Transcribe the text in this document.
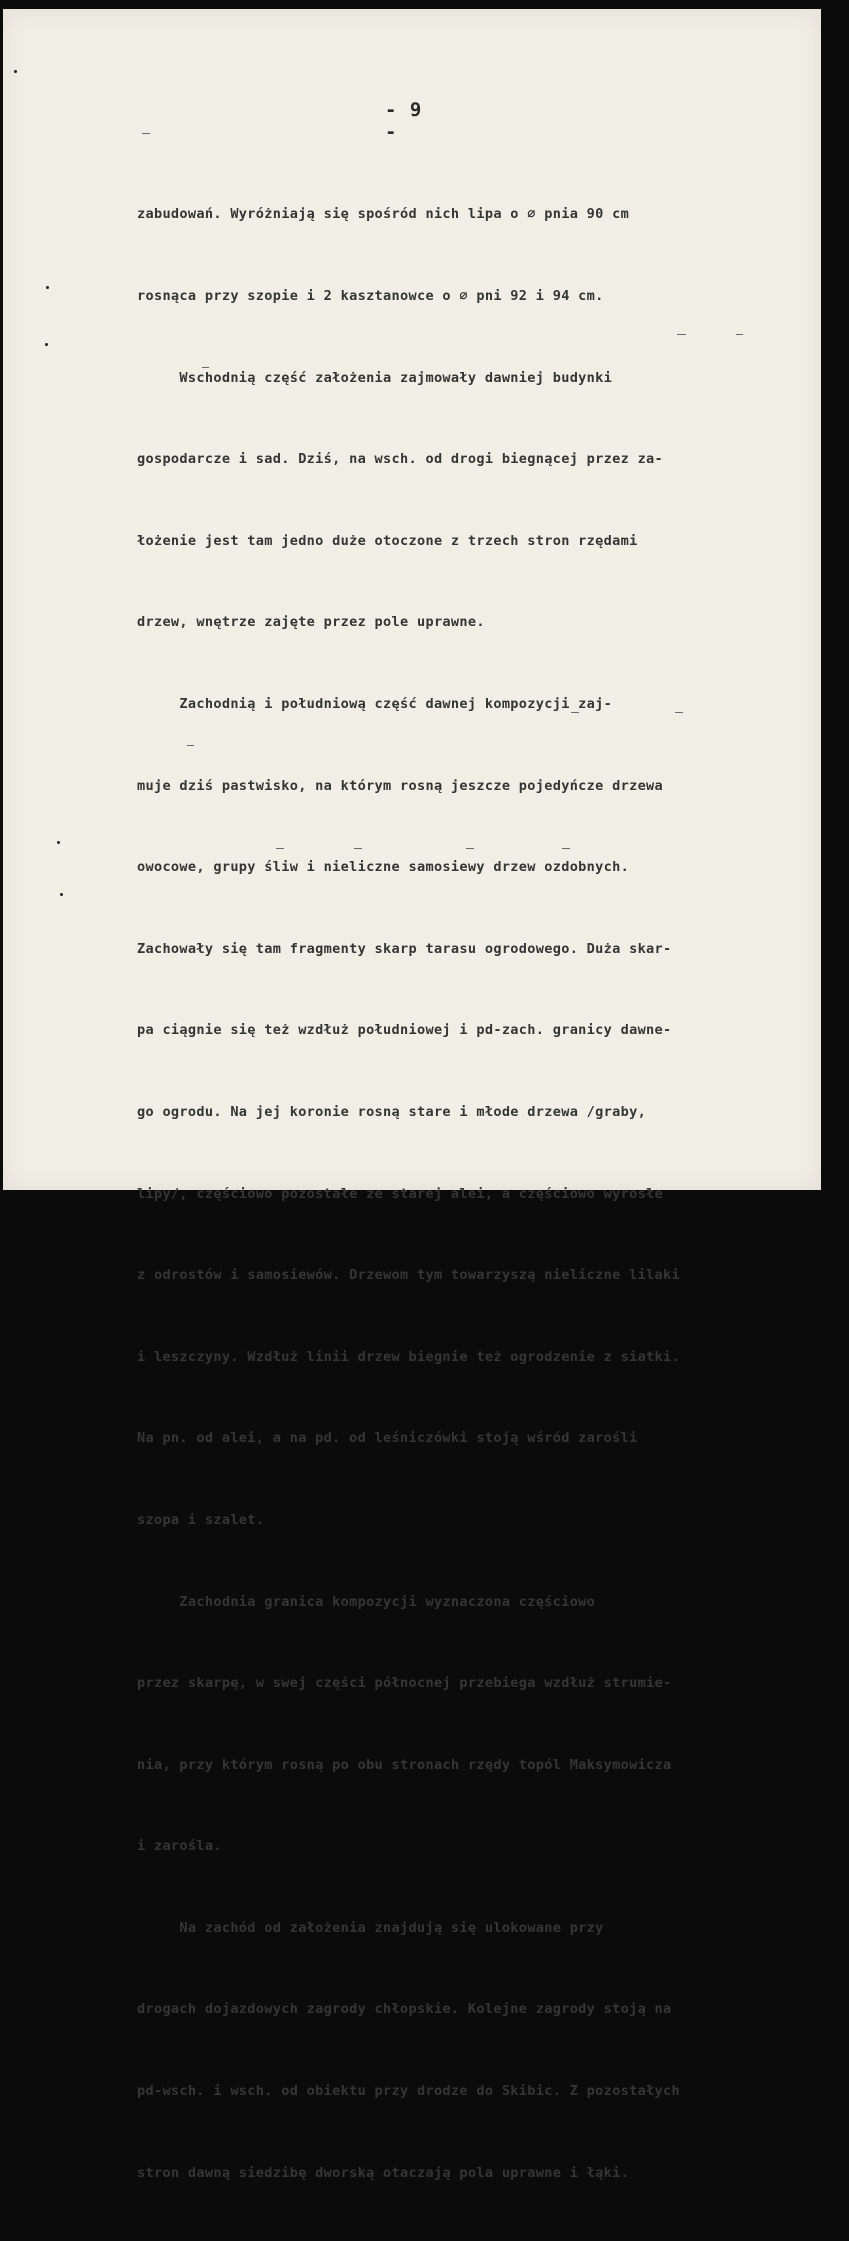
- 9 -

zabudowań. Wyróżniają się spośród nich lipa o ∅ pnia 90 cm

rosnąca przy szopie i 2 kasztanowce o ∅ pni 92 i 94 cm.

Wschodnią część założenia zajmowały dawniej budynki

gospodarcze i sad. Dziś, na wsch. od drogi biegnącej przez za-

łożenie jest tam jedno duże otoczone z trzech stron rzędami

drzew, wnętrze zajęte przez pole uprawne.

Zachodnią i południową część dawnej kompozycji zaj-

muje dziś pastwisko, na którym rosną jeszcze pojedyńcze drzewa

owocowe, grupy śliw i nieliczne samosiewy drzew ozdobnych.

Zachowały się tam fragmenty skarp tarasu ogrodowego. Duża skar-

pa ciągnie się też wzdłuż południowej i pd-zach. granicy dawne-

go ogrodu. Na jej koronie rosną stare i młode drzewa /graby,

lipy/, częściowo pozostałe ze starej alei, a częściowo wyrosłe

z odrostów i samosiewów. Drzewom tym towarzyszą nieliczne lilaki

i leszczyny. Wzdłuż linii drzew biegnie też ogrodzenie z siatki.

Na pn. od alei, a na pd. od leśniczówki stoją wśród zarośli

szopa i szalet.

Zachodnia granica kompozycji wyznaczona częściowo

przez skarpę, w swej części północnej przebiega wzdłuż strumie-

nia, przy którym rosną po obu stronach rzędy topól Maksymowicza

i zarośla.

Na zachód od założenia znajdują się ulokowane przy

drogach dojazdowych zagrody chłopskie. Kolejne zagrody stoją na

pd-wsch. i wsch. od obiektu przy drodze do Skibic. Z pozostałych

stron dawną siedzibę dworską otaczają pola uprawne i łąki.
